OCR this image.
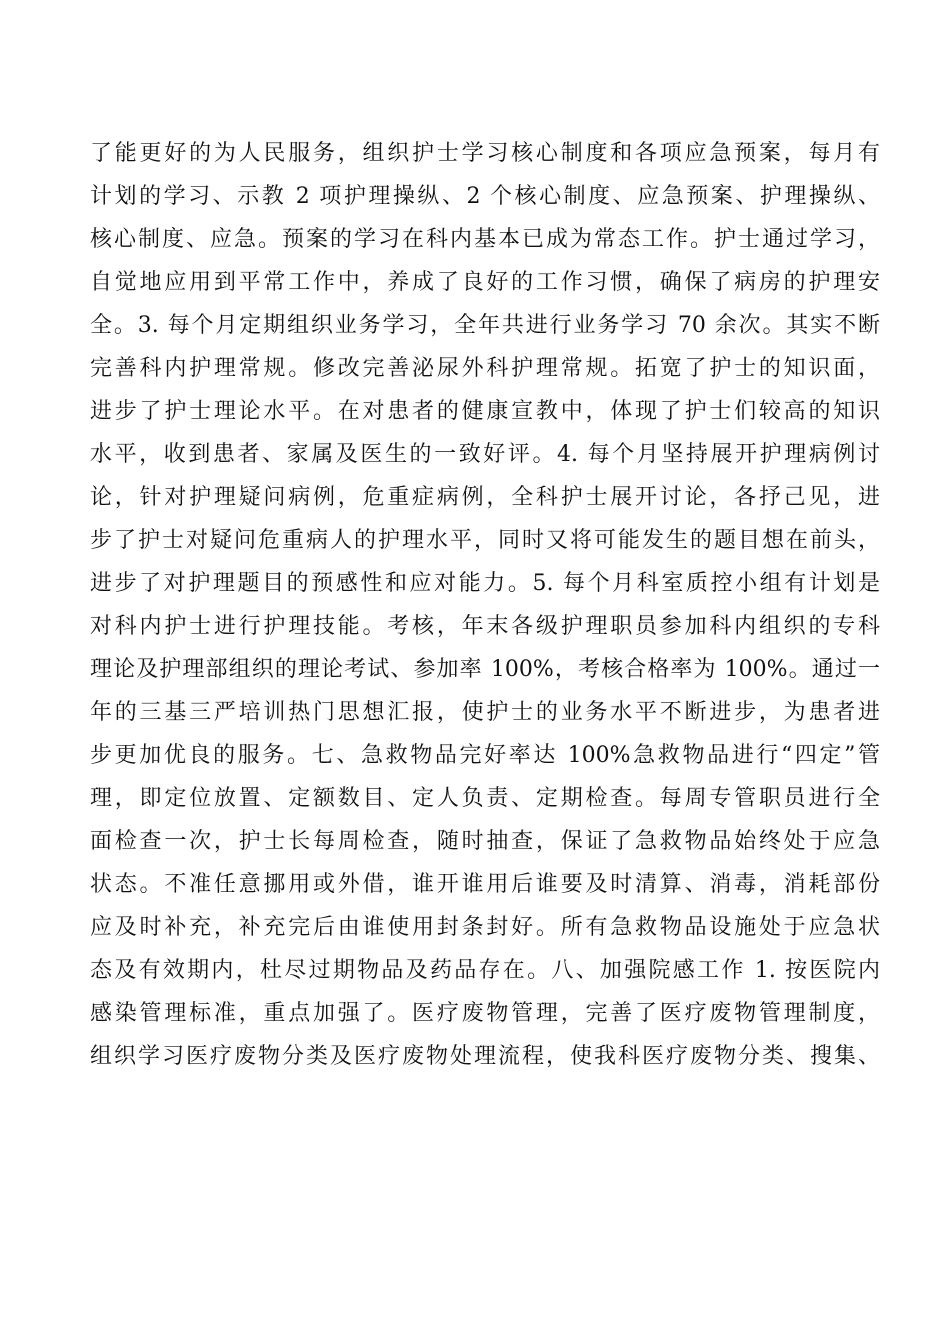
了能更好的为人民服务，组织护士学习核心制度和各项应急预案，每月有
计划的学习、示教 2 项护理操纵、2 个核心制度、应急预案、护理操纵、
核心制度、应急。预案的学习在科内基本已成为常态工作。护士通过学习，
自觉地应用到平常工作中，养成了良好的工作习惯，确保了病房的护理安
全。3. 每个月定期组织业务学习，全年共进行业务学习 70 余次。其实不断
完善科内护理常规。修改完善泌尿外科护理常规。拓宽了护士的知识面，
进步了护士理论水平。在对患者的健康宣教中，体现了护士们较高的知识
水平，收到患者、家属及医生的一致好评。4. 每个月坚持展开护理病例讨
论，针对护理疑问病例，危重症病例，全科护士展开讨论，各抒己见，进
步了护士对疑问危重病人的护理水平，同时又将可能发生的题目想在前头，
进步了对护理题目的预感性和应对能力。5. 每个月科室质控小组有计划是
对科内护士进行护理技能。考核，年末各级护理职员参加科内组织的专科
理论及护理部组织的理论考试、参加率 100%，考核合格率为 100%。通过一
年的三基三严培训热门思想汇报，使护士的业务水平不断进步，为患者进
步更加优良的服务。七、急救物品完好率达 100%急救物品进行“四定”管
理，即定位放置、定额数目、定人负责、定期检查。每周专管职员进行全
面检查一次，护士长每周检查，随时抽查，保证了急救物品始终处于应急
状态。不准任意挪用或外借，谁开谁用后谁要及时清算、消毒，消耗部份
应及时补充，补充完后由谁使用封条封好。所有急救物品设施处于应急状
态及有效期内，杜尽过期物品及药品存在。八、加强院感工作 1. 按医院内
感染管理标准，重点加强了。医疗废物管理，完善了医疗废物管理制度，
组织学习医疗废物分类及医疗废物处理流程，使我科医疗废物分类、搜集、
